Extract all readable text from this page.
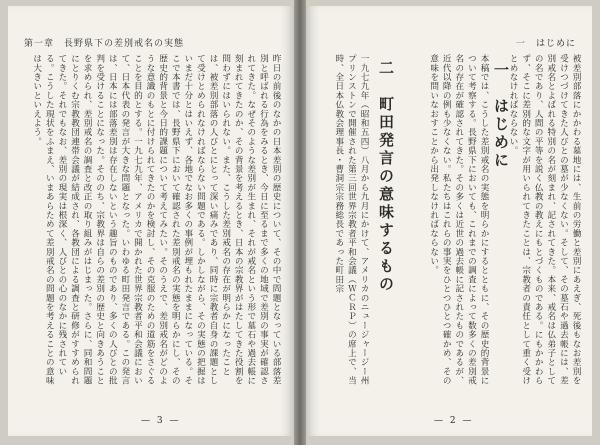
第一章　長野県下の差別戒名の実態
昨日の前後のなかの日本差別の歴史について、その中で問題となっている部落差別と呼ばれる行為をみるとき、今日に至るまで多くの地域で差別の事実が確認されてきた。なぜそのような差別が生まれ、それが戒名という形で墓石や過去帳に刻まれてきたのか、その背景を考えるとき、日本の宗教界がはたしてきた役割を問わずにはいられない。また、こうした差別戒名の存在が明らかになったことは、被差別部落の人びとにとって深い痛みであり、同時に宗教者自身の課題として受けとめられなければならない問題である。しかしながら、その実態の把握はいまだ十分とはいえず、各地でなお多くの事例が埋もれたままになっている。そこで本書では、長野県下において確認された差別戒名の実態を明らかにし、その歴史的背景と今日的課題について考えてみたい。そのうえで、差別戒名がどのような意識のもとに付けられてきたのかを検討し、その克服のための道筋をさぐることを目的とする。一九七九年、アメリカで開かれた世界宗教者平和会議において、日本代表の発言が大きな問題となった。いわゆる町田発言である。この発言は、日本には部落差別は存在しないという趣旨のものであり、多くの人びとの批判を受けることになった。そののち、宗教界は自らの差別の歴史と向きあうことを求められ、差別戒名の調査と改正の取り組みがはじまった。さらに、同和問題にとりくむ宗教教団連帯会議が結成され、各教団による調査と研修がすすめられてきた。それでもなお、差別の現実は根深く、人びとの心のなかに残されている。こうした現状をふまえ、いまあらためて差別戒名の問題を考えることの意味は大きいといえよう。
— 3 —
一　はじめに
被差別部落にかかわる墓地には、生前の労働と差別にあえぎ、死後もなお差別を受けつづけてきた人びとの墓が少なくない。そして、その墓石や過去帳には、差別戒名とよばれる特別の名が刻まれ、記されてきた。本来、戒名は仏弟子としての名であり、人間の平等を説く仏教の教えにもとづくものである。にもかかわらず、そこに差別的な文字が用いられてきたことは、宗教者の責任として重く受けとめなければならない。
一　はじめに
本稿では、こうした差別戒名の実態を明らかにするとともに、その歴史的背景について考察する。長野県下においても、これまでの調査によって数多くの差別戒名の存在が確認されてきた。その多くは近世の過去帳に記されたものであるが、近代以降の例も少なくない。私たちはこれらの事実をひとつひとつ確かめ、その意味を問いなおすことから出発しなければならない。
二　町田発言の意味するもの
一九七九年（昭和五四）八月から九月にかけて、アメリカのニュージャージー州プリンストンで開催された第三回世界宗教者平和会議（ＷＣＲＰ）の席上で、当時、全日本仏教会理事長・曹洞宗宗務総長であった町田宗
— 2 —
